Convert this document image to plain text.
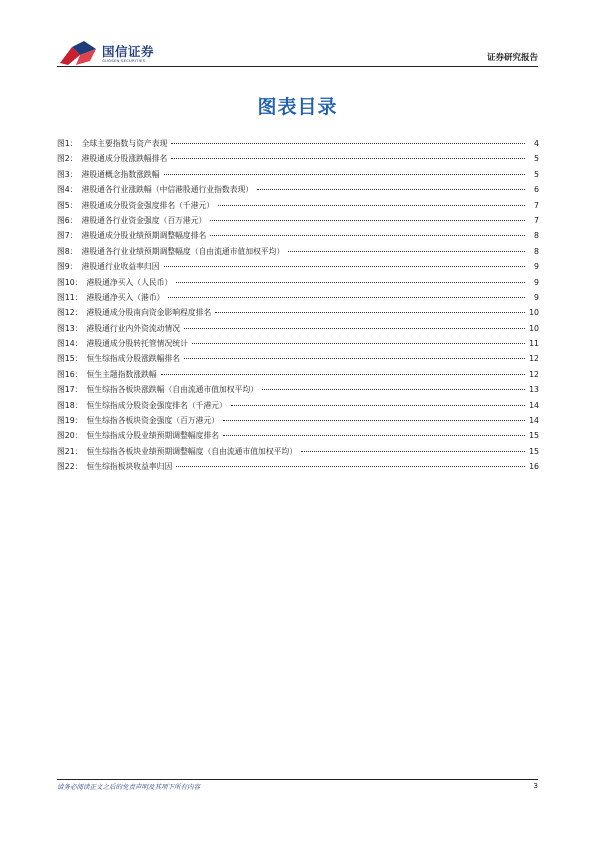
国信证券
GUOSEN SECURITIES	证券研究报告
图表目录
图1： 全球主要指数与资产表现	4
图2： 港股通成分股涨跌幅排名	5
图3： 港股通概念指数涨跌幅	5
图4： 港股通各行业涨跌幅（中信港股通行业指数表现）	6
图5： 港股通成分股资金强度排名（千港元）	7
图6： 港股通各行业资金强度（百万港元）	7
图7： 港股通成分股业绩预期调整幅度排名	8
图8： 港股通各行业业绩预期调整幅度（自由流通市值加权平均）	8
图9： 港股通行业收益率归因	9
图10： 港股通净买入（人民币）	9
图11： 港股通净买入（港币）	9
图12： 港股通成分股南向资金影响程度排名	10
图13： 港股通行业内外资流动情况	10
图14： 港股通成分股转托管情况统计	11
图15： 恒生综指成分股涨跌幅排名	12
图16： 恒生主题指数涨跌幅	12
图17： 恒生综指各板块涨跌幅（自由流通市值加权平均）	13
图18： 恒生综指成分股资金强度排名（千港元）	14
图19： 恒生综指各板块资金强度（百万港元）	14
图20： 恒生综指成分股业绩预期调整幅度排名	15
图21： 恒生综指各板块业绩预期调整幅度（自由流通市值加权平均）	15
图22： 恒生综指板块收益率归因	16
请务必阅读正文之后的免责声明及其项下所有内容	3
